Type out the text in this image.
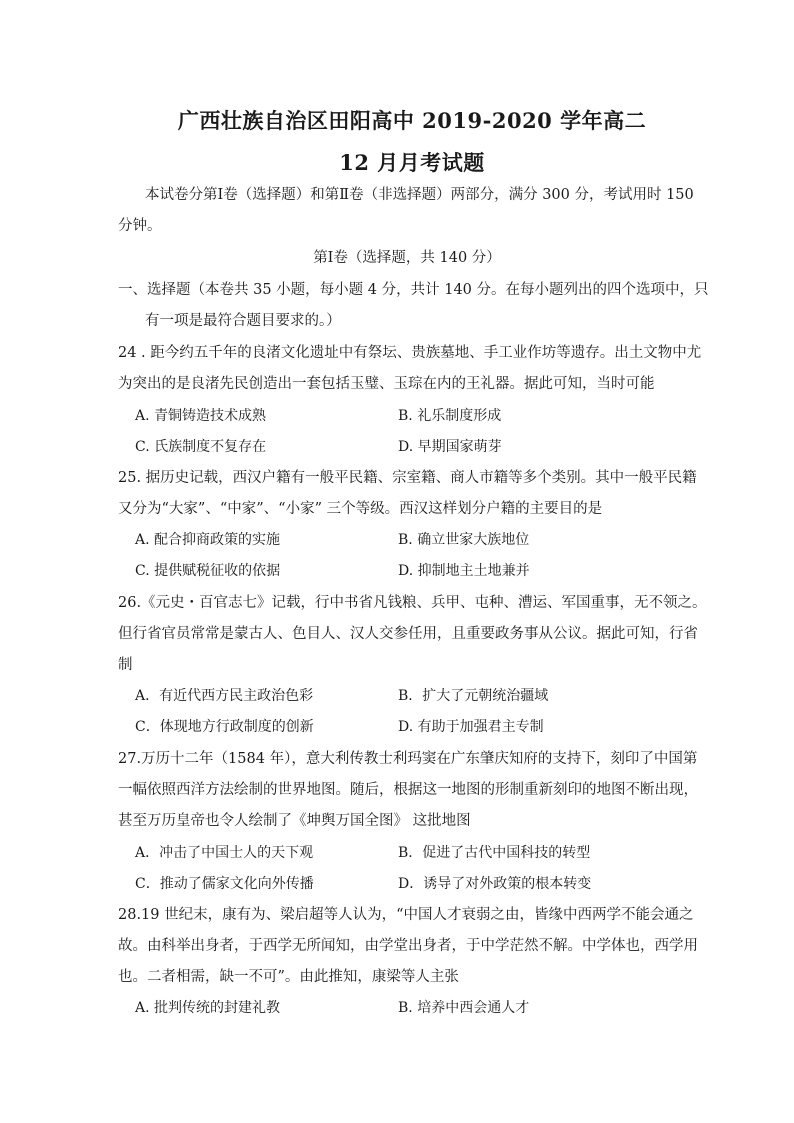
广西壮族自治区田阳高中 2019-2020 学年高二
12 月月考试题
本试卷分第Ⅰ卷（选择题）和第Ⅱ卷（非选择题）两部分，满分 300 分，考试用时 150
分钟。
第Ⅰ卷（选择题，共 140 分）
一、选择题（本卷共 35 小题，每小题 4 分，共计 140 分。在每小题列出的四个选项中，只
有一项是最符合题目要求的。）
24 . 距今约五千年的良渚文化遗址中有祭坛、贵族墓地、手工业作坊等遗存。出土文物中尤
为突出的是良渚先民创造出一套包括玉璧、玉琮在内的王礼器。据此可知，当时可能
A. 青铜铸造技术成熟	B. 礼乐制度形成
C. 氏族制度不复存在	D. 早期国家萌芽
25. 据历史记载，西汉户籍有一般平民籍、宗室籍、商人市籍等多个类别。其中一般平民籍
又分为“大家”、“中家”、“小家” 三个等级。西汉这样划分户籍的主要目的是
A. 配合抑商政策的实施	B. 确立世家大族地位
C. 提供赋税征收的依据	D. 抑制地主土地兼并
26.《元史・百官志七》记载，行中书省凡钱粮、兵甲、屯种、漕运、军国重事，无不领之。
但行省官员常常是蒙古人、色目人、汉人交参任用，且重要政务事从公议。据此可知，行省
制
A．有近代西方民主政治色彩	B．扩大了元朝统治疆域
C．体现地方行政制度的创新	D. 有助于加强君主专制
27.万历十二年（1584 年），意大利传教士利玛窦在广东肇庆知府的支持下，刻印了中国第
一幅依照西洋方法绘制的世界地图。随后，根据这一地图的形制重新刻印的地图不断出现，
甚至万历皇帝也令人绘制了《坤舆万国全图》 这批地图
A．冲击了中国士人的天下观	B．促进了古代中国科技的转型
C．推动了儒家文化向外传播	D．诱导了对外政策的根本转变
28.19 世纪末，康有为、梁启超等人认为，“中国人才衰弱之由，皆缘中西两学不能会通之
故。由科举出身者，于西学无所闻知，由学堂出身者，于中学茫然不解。中学体也，西学用
也。二者相需，缺一不可”。由此推知，康梁等人主张
A. 批判传统的封建礼教	B. 培养中西会通人才
